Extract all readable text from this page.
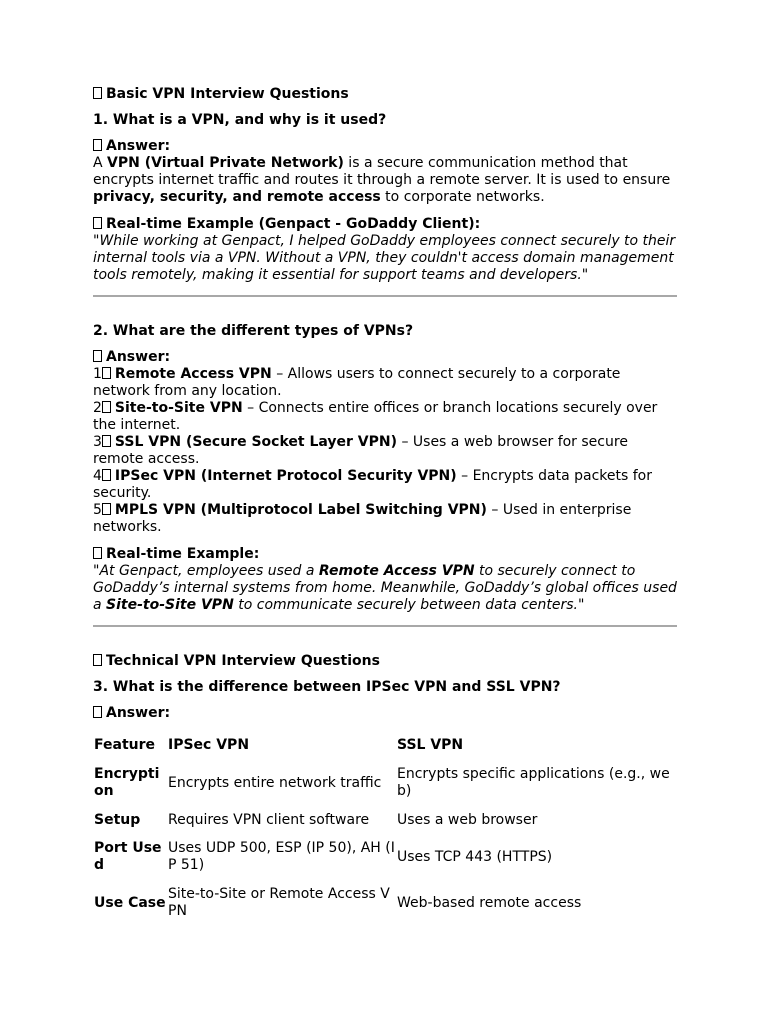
Basic VPN Interview Questions

1. What is a VPN, and why is it used?

Answer:

A VPN (Virtual Private Network) is a secure communication method that encrypts internet traffic and routes it through a remote server. It is used to ensure privacy, security, and remote access to corporate networks.

Real-time Example (Genpact - GoDaddy Client):

"While working at Genpact, I helped GoDaddy employees connect securely to their internal tools via a VPN. Without a VPN, they couldn't access domain management tools remotely, making it essential for support teams and developers."

2. What are the different types of VPNs?

Answer:

1 Remote Access VPN – Allows users to connect securely to a corporate network from any location.

2 Site-to-Site VPN – Connects entire offices or branch locations securely over the internet.

3 SSL VPN (Secure Socket Layer VPN) – Uses a web browser for secure remote access.

4 IPSec VPN (Internet Protocol Security VPN) – Encrypts data packets for security.

5 MPLS VPN (Multiprotocol Label Switching VPN) – Used in enterprise networks.

Real-time Example:

"At Genpact, employees used a Remote Access VPN to securely connect to GoDaddy’s internal systems from home. Meanwhile, GoDaddy’s global offices used a Site-to-Site VPN to communicate securely between data centers."

Technical VPN Interview Questions

3. What is the difference between IPSec VPN and SSL VPN?

Answer:

Feature	IPSec VPN	SSL VPN
Encryption	Encrypts entire network traffic	Encrypts specific applications (e.g., web)
Setup	Requires VPN client software	Uses a web browser
Port Used	Uses UDP 500, ESP (IP 50), AH (IP 51)	Uses TCP 443 (HTTPS)
Use Case	Site-to-Site or Remote Access VPN	Web-based remote access
